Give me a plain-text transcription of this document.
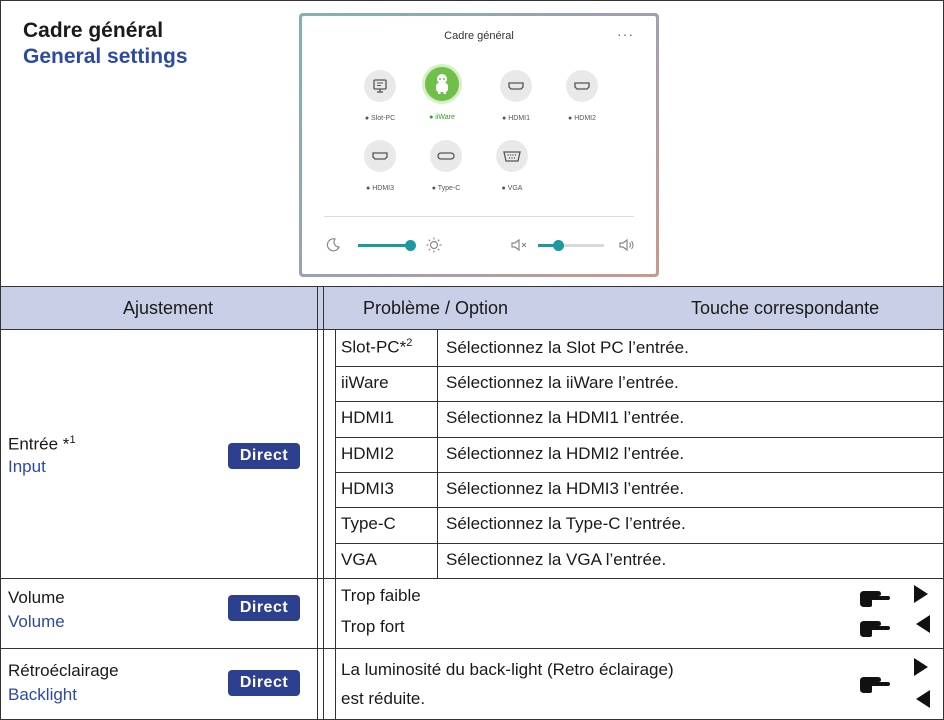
Cadre général
General settings
Cadre général	···
● Slot-PC	● iiWare	● HDMI1	● HDMI2
● HDMI3	● Type-C	● VGA
Ajustement	Problème / Option	Touche correspondante
Entrée *$^1$
Input
Direct
Slot-PC*$^2$ Sélectionnez la Slot PC l’entrée.
iiWare	Sélectionnez la iiWare l’entrée.
HDMI1	Sélectionnez la HDMI1 l’entrée.
HDMI2	Sélectionnez la HDMI2 l’entrée.
HDMI3	Sélectionnez la HDMI3 l’entrée.
Type-C	Sélectionnez la Type-C l’entrée.
VGA	Sélectionnez la VGA l’entrée.
Volume
Volume
Direct
Trop faible
Trop fort
Rétroéclairage
Backlight
Direct
La luminosité du back-light (Retro éclairage)
est réduite.
